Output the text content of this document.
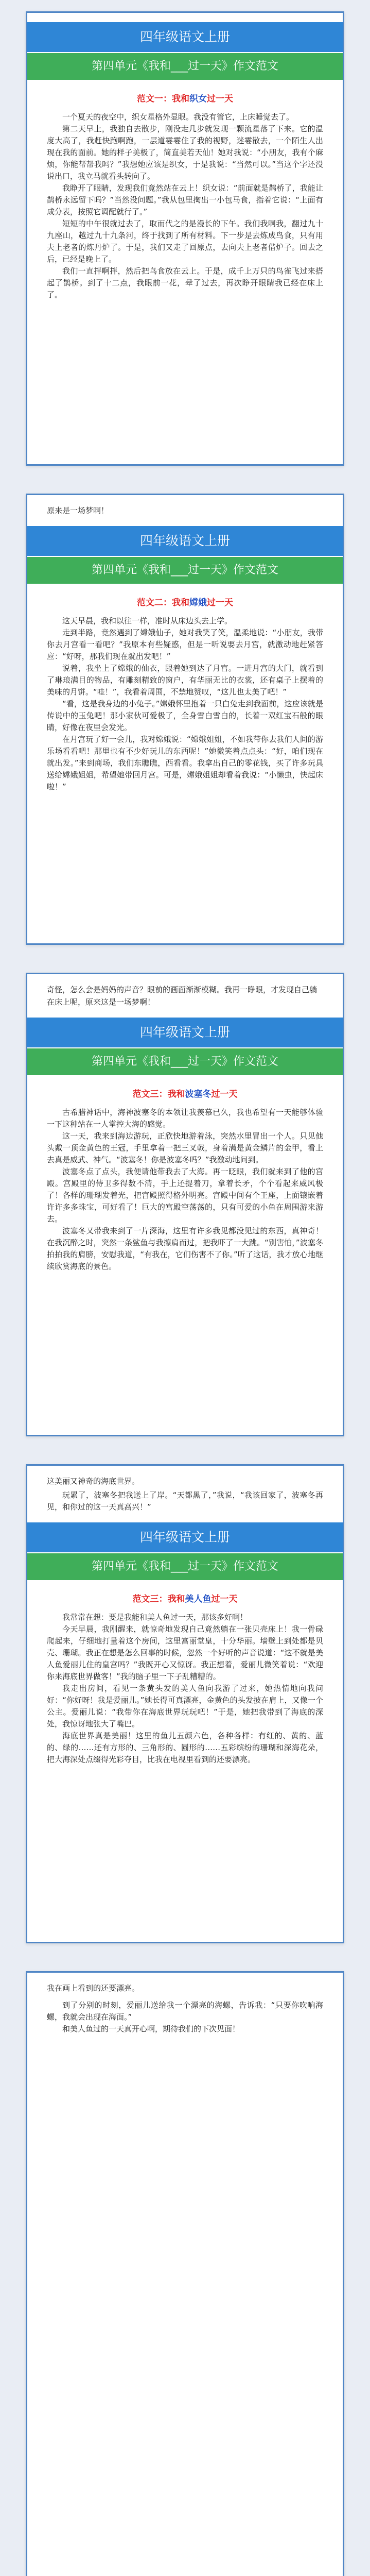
四年级语文上册
第四单元《我和___过一天》作文范文
范文一：我和织女过一天

一个夏天的夜空中，织女星格外显眼。我没有管它，上床睡觉去了。

第二天早上，我独自去散步，刚没走几步就发现一颗流星落了下来。它的温度大高了，我赶快跑啊跑，一层道霎霎住了我的视野，迷霎散去，一个陌生人出现在我的面前。她的样子美极了，简直美若天仙！她对我说：“小朋友，我有个麻烦，你能帮帮我吗？”我想她应该是织女，于是我说：“当然可以。”当这个字还没说出口，我立马就看头转向了。

我睁开了眼睛，发现我们竟然站在云上！织女说：“前面就是鹊桥了，我能让鹊桥永远留下吗？”当然没问题。”我从包里掏出一小包马食，指着它说：“上面有成分表，按照它调配就行了。”

短短的中午很就过去了，取而代之的是漫长的下午。我们我啊我，翻过九十九座山，越过九十九条河，终于找到了所有材料。下一步是去炼成鸟食，只有用夫上老者的炼丹炉了。于是，我们又走了回原点，去向夫上老者借炉子。回去之后，已经是晚上了。

我们一直拌啊拌，然后把鸟食放在云上。于是，成千上万只的鸟雀飞过来搭起了鹊桥。到了十二点，我眼前一花，晕了过去，再次睁开眼睛我已经在床上了。

原来是一场梦啊！

四年级语文上册
第四单元《我和___过一天》作文范文
范文二：我和嫦娥过一天

这天早晨，我和以往一样，准时从床边头去上学。

走到半路，竟然遇到了嫦娥仙子，她对我笑了笑，温柔地说：“小朋友，我带你去月宫看一看吧？”我原本有些疑惑，但是一听说要去月宫，就激动地赶紧答应：“好呀，那我们现在就出发吧！”

说着，我坐上了嫦娥的仙衣，跟着她到达了月宫。一进月宫的大门，就看到了琳琅满目的物品，有雕刻精致的窗户，有华丽无比的衣裳，还有桌子上摆着的美味的月饼。“哇！”，我看着周围，不禁地赞叹，“这儿也太美了吧！”

“看，这是我身边的小兔子。”嫦娥怀里抱着一只白兔走到我面前，这应该就是传说中的玉兔吧！那小家伙可爱极了，全身雪白雪白的，长着一双红宝石般的眼睛，好像在夜里会发光。

在月宫玩了好一会儿，我对嫦娥说：“嫦娥姐姐，不如我带你去我们人间的游乐场看看吧！那里也有不少好玩儿的东西呢！”她微笑着点点头：“好，咱们现在就出发。”来到商场，我们东瞧瞧，西看看。我拿出自己的零花钱，买了许多玩具送给嫦娥姐姐，希望她带回月宫。可是，嫦娥姐姐却看着我说：“小懒虫，快起床啦！”

奇怪，怎么会是妈妈的声音？眼前的画面渐渐模糊。我再一睁眼，才发现自己躺在床上呢，原来这是一场梦啊！

四年级语文上册
第四单元《我和___过一天》作文范文
范文三：我和波塞冬过一天

古希腊神话中，海神波塞冬的本领让我羡慕已久，我也希望有一天能够体验一下这种站在一人掌控大海的感觉。

这一天，我来到海边游玩，正欣快地游着泳，突然水里冒出一个人。只见他头戴一顶金黄色的王冠，手里拿着一把三叉戟，身着满是黄金鳞片的金甲，看上去真是威武、神气。“波塞冬！你是波塞冬吗？”我激动地问到。

波塞冬点了点头，我便请他带我去了大海。再一眨眼，我们就来到了他的宫殿。宫殿里的侍卫多得数不清，手上还提着刀，拿着长矛，个个看起来威风极了！各样的珊瑚发着光，把宫殿照得格外明亮。宫殿中间有个王座，上面镶嵌着许许多多珠宝，可好看了！巨大的宫殿空荡荡的，只有可爱的小鱼在周围游来游去。

波塞冬又带我来到了一片深海，这里有许多我见都没见过的东西，真神奇！在我沉醉之时，突然一条鲨鱼与我擦肩而过，把我吓了一大跳。“别害怕，”波塞冬拍拍我的肩膀，安慰我道，“有我在，它们伤害不了你。”听了这话，我才放心地继续欣赏海底的景色。

这美丽又神奇的海底世界。

玩累了，波塞冬把我送上了岸。“天都黑了，”我说，“我该回家了，波塞冬再见，和你过的这一天真高兴！”

四年级语文上册
第四单元《我和___过一天》作文范文
范文三：我和美人鱼过一天

我常常在想：要是我能和美人鱼过一天，那该多好啊！

今天早晨，我刚醒来，就惊奇地发现自己竟然躺在一张贝壳床上！我一骨碌爬起来，仔细地打量着这个房间，这里富丽堂皇，十分华丽。墙壁上到处都是贝壳、珊瑚。我正在想是怎么回事的时候，忽然一个好听的声音说道：“这不就是美人鱼爱丽儿住的皇宫吗？”我既开心又惊讶。我正想着，爱丽儿微笑着说：“欢迎你来海底世界做客！”我的脑子里一下子乱糟糟的。

我走出房间，看见一条黄头发的美人鱼向我游了过来，她热情地向我问好：“你好呀！我是爱丽儿。”她长得可真漂亮，金黄色的头发披在肩上，又像一个公主。爱丽儿说：“我带你在海底世界玩玩吧！”于是，她把我带到了海底的深处，我惊讶地张大了嘴巴。

海底世界真是美丽！这里的鱼儿五颜六色，各种各样：有红的、黄的、蓝的、绿的……还有方形的、三角形的、圆形的……五彩缤纷的珊瑚和深海花朵，把大海深处点缀得光彩夺目，比我在电视里看到的还要漂亮。

我在画上看到的还要漂亮。

到了分别的时刻，爱丽儿送给我一个漂亮的海螺，告诉我：“只要你吹响海螺，我就会出现在海面。”

和美人鱼过的一天真开心啊，期待我们的下次见面！
